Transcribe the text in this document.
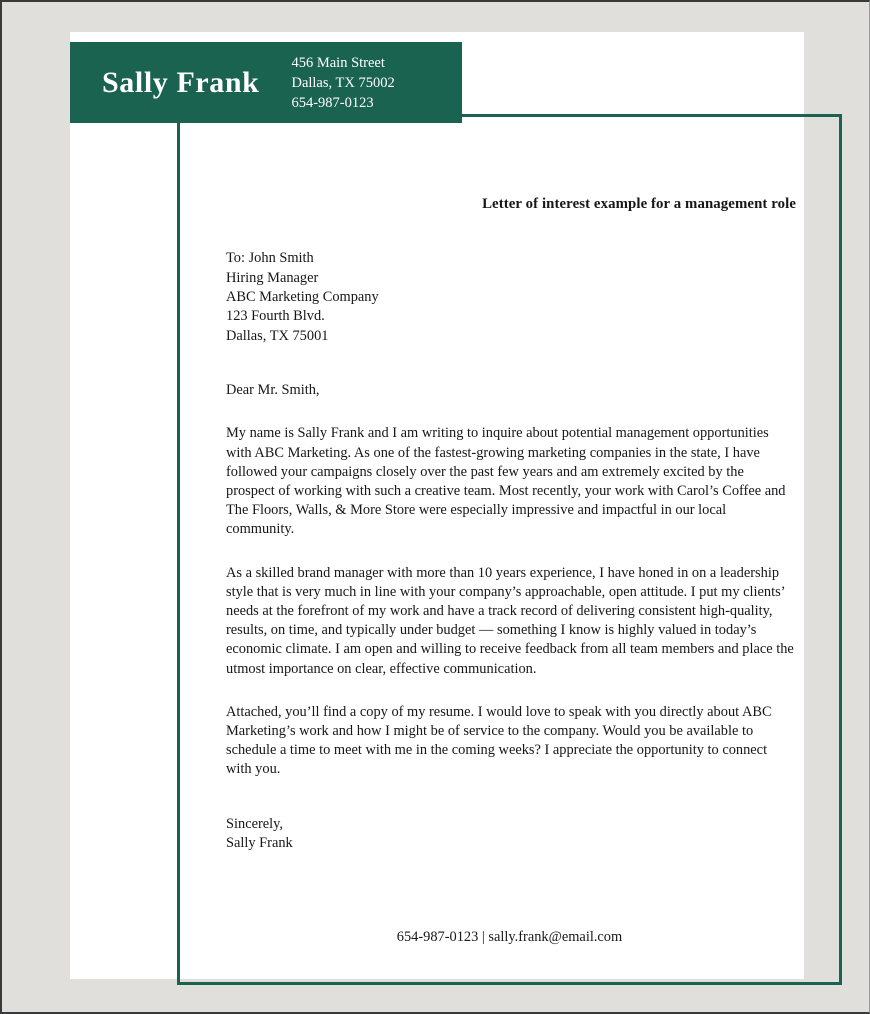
Letter of interest example for a management role
To: John Smith
Hiring Manager
ABC Marketing Company
123 Fourth Blvd.
Dallas, TX 75001
Dear Mr. Smith,

My name is Sally Frank and I am writing to inquire about potential management opportunities with ABC Marketing. As one of the fastest-growing marketing companies in the state, I have followed your campaigns closely over the past few years and am extremely excited by the prospect of working with such a creative team. Most recently, your work with Carol’s Coffee and The Floors, Walls, & More Store were especially impressive and impactful in our local community.

As a skilled brand manager with more than 10 years experience, I have honed in on a leadership style that is very much in line with your company’s approachable, open attitude. I put my clients’ needs at the forefront of my work and have a track record of delivering consistent high-quality, results, on time, and typically under budget — something I know is highly valued in today’s economic climate. I am open and willing to receive feedback from all team members and place the utmost importance on clear, effective communication.

Attached, you’ll find a copy of my resume. I would love to speak with you directly about ABC Marketing’s work and how I might be of service to the company. Would you be available to schedule a time to meet with me in the coming weeks? I appreciate the opportunity to connect with you.

Sincerely,
Sally Frank
654-987-0123 | sally.frank@email.com
Sally Frank
456 Main Street
Dallas, TX 75002
654-987-0123
